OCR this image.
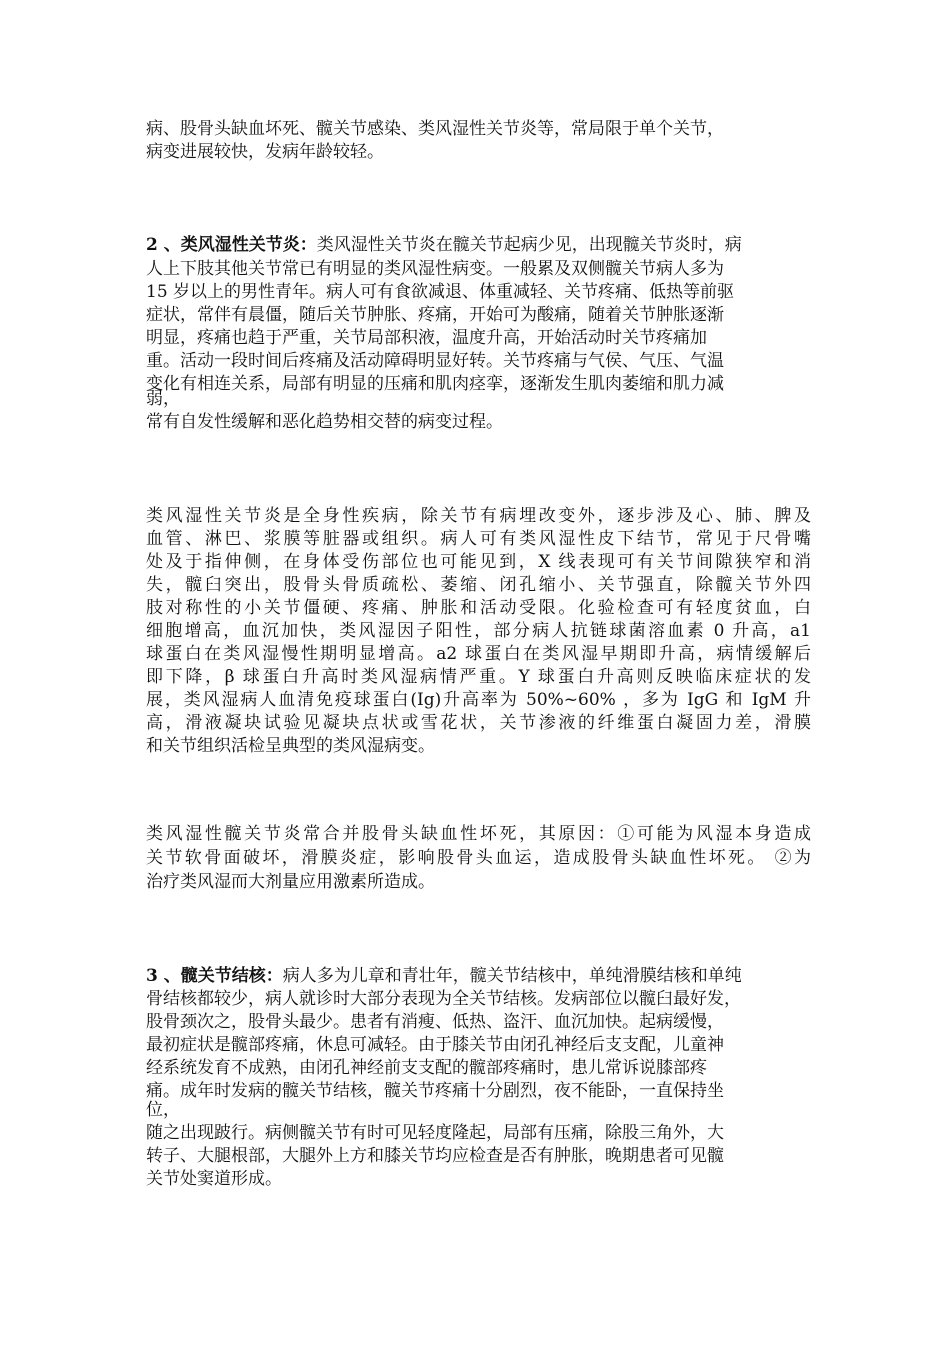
病、股骨头缺血坏死、髋关节感染、类风湿性关节炎等，常局限于单个关节，
病变进展较快，发病年龄较轻。
2 、类风湿性关节炎：类风湿性关节炎在髋关节起病少见，出现髋关节炎时，病
人上下肢其他关节常已有明显的类风湿性病变。一般累及双侧髋关节病人多为
15 岁以上的男性青年。病人可有食欲减退、体重减轻、关节疼痛、低热等前驱
症状，常伴有晨僵，随后关节肿胀、疼痛，开始可为酸痛，随着关节肿胀逐渐
明显，疼痛也趋于严重，关节局部积液，温度升高，开始活动时关节疼痛加
重。活动一段时间后疼痛及活动障碍明显好转。关节疼痛与气侯、气压、气温
变化有相连关系，局部有明显的压痛和肌肉痉挛，逐渐发生肌肉萎缩和肌力减
弱，
常有自发性缓解和恶化趋势相交替的病变过程。
类风湿性关节炎是全身性疾病，除关节有病埋改变外，逐步涉及心、肺、脾及
血管、淋巴、浆膜等脏器或组织。病人可有类风湿性皮下结节，常见于尺骨嘴
处及于指伸侧，在身体受伤部位也可能见到，X 线表现可有关节间隙狭窄和消
失，髋臼突出，股骨头骨质疏松、萎缩、闭孔缩小、关节强直，除髋关节外四
肢对称性的小关节僵硬、疼痛、肿胀和活动受限。化验检查可有轻度贫血，白
细胞增高，血沉加快，类风湿因子阳性，部分病人抗链球菌溶血素 0 升高，a1
球蛋白在类风湿慢性期明显增高。a2 球蛋白在类风湿早期即升高，病情缓解后
即下降，β 球蛋白升高时类风湿病情严重。Y 球蛋白升高则反映临床症状的发
展，类风湿病人血清免疫球蛋白(Ig)升高率为 50%~60% ，多为 IgG 和 IgM 升
高，滑液凝块试验见凝块点状或雪花状，关节渗液的纤维蛋白凝固力差，滑膜
和关节组织活检呈典型的类风湿病变。
类风湿性髋关节炎常合并股骨头缺血性坏死，其原因：①可能为风湿本身造成
关节软骨面破坏，滑膜炎症，影响股骨头血运，造成股骨头缺血性坏死。 ②为
治疗类风湿而大剂量应用激素所造成。
3 、髋关节结核：病人多为儿章和青壮年，髋关节结核中，单纯滑膜结核和单纯
骨结核都较少，病人就诊时大部分表现为全关节结核。发病部位以髋臼最好发，
股骨颈次之，股骨头最少。患者有消瘦、低热、盗汗、血沉加快。起病缓慢，
最初症状是髋部疼痛，休息可减轻。由于膝关节由闭孔神经后支支配，儿童神
经系统发育不成熟，由闭孔神经前支支配的髋部疼痛时，患儿常诉说膝部疼
痛。成年时发病的髋关节结核，髋关节疼痛十分剧烈，夜不能卧，一直保持坐
位，
随之出现跛行。病侧髋关节有时可见轻度隆起，局部有压痛，除股三角外，大
转子、大腿根部，大腿外上方和膝关节均应检查是否有肿胀，晚期患者可见髋
关节处窦道形成。
